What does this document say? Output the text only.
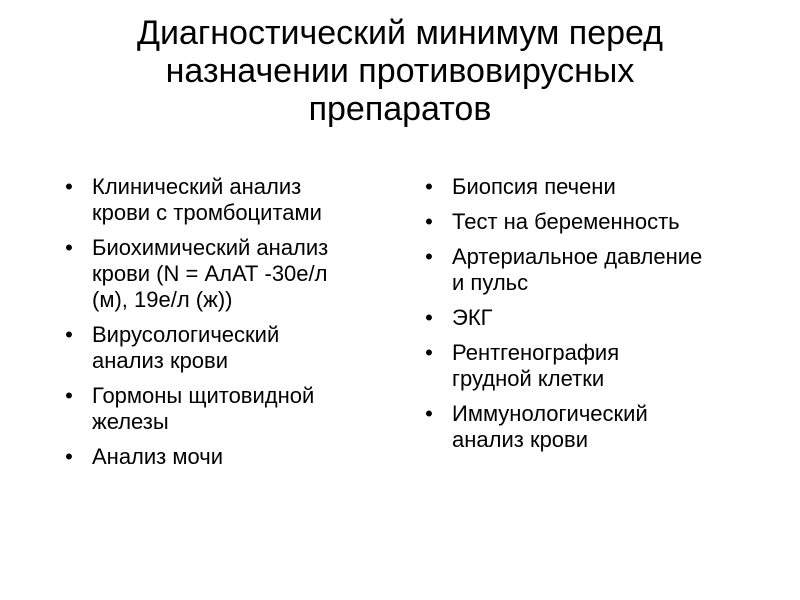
Диагностический минимум перед
назначении противовирусных
препаратов
• Клинический анализ
крови с тромбоцитами
• Биохимический анализ
крови (N = АлАТ -30е/л
(м), 19е/л (ж))
• Вирусологический
анализ крови
• Гормоны щитовидной
железы
• Анализ мочи
• Биопсия печени
• Тест на беременность
• Артериальное давление
и пульс
• ЭКГ
• Рентгенография
грудной клетки
• Иммунологический
анализ крови
